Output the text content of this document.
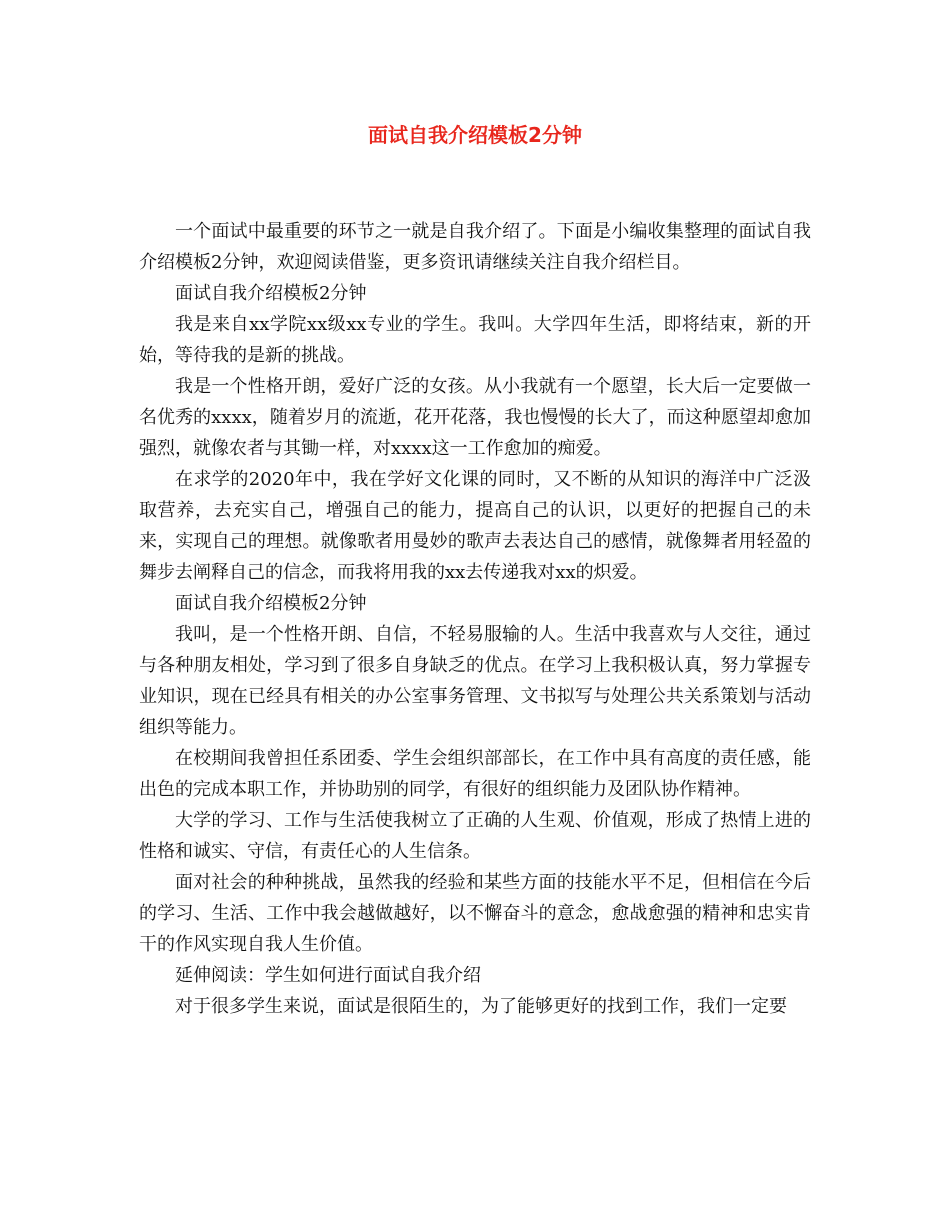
面试自我介绍模板2分钟

一个面试中最重要的环节之一就是自我介绍了。下面是小编收集整理的面试自我介绍模板2分钟，欢迎阅读借鉴，更多资讯请继续关注自我介绍栏目。

面试自我介绍模板2分钟

我是来自xx学院xx级xx专业的学生。我叫。大学四年生活，即将结束，新的开始，等待我的是新的挑战。

我是一个性格开朗，爱好广泛的女孩。从小我就有一个愿望，长大后一定要做一名优秀的xxxx，随着岁月的流逝，花开花落，我也慢慢的长大了，而这种愿望却愈加强烈，就像农者与其锄一样，对xxxx这一工作愈加的痴爱。

在求学的2020年中，我在学好文化课的同时，又不断的从知识的海洋中广泛汲取营养，去充实自己，增强自己的能力，提高自己的认识，以更好的把握自己的未来，实现自己的理想。就像歌者用曼妙的歌声去表达自己的感情，就像舞者用轻盈的舞步去阐释自己的信念，而我将用我的xx去传递我对xx的炽爱。

面试自我介绍模板2分钟

我叫，是一个性格开朗、自信，不轻易服输的人。生活中我喜欢与人交往，通过与各种朋友相处，学习到了很多自身缺乏的优点。在学习上我积极认真，努力掌握专业知识，现在已经具有相关的办公室事务管理、文书拟写与处理公共关系策划与活动组织等能力。

在校期间我曾担任系团委、学生会组织部部长，在工作中具有高度的责任感，能出色的完成本职工作，并协助别的同学，有很好的组织能力及团队协作精神。

大学的学习、工作与生活使我树立了正确的人生观、价值观，形成了热情上进的性格和诚实、守信，有责任心的人生信条。

面对社会的种种挑战，虽然我的经验和某些方面的技能水平不足，但相信在今后的学习、生活、工作中我会越做越好，以不懈奋斗的意念，愈战愈强的精神和忠实肯干的作风实现自我人生价值。

延伸阅读：学生如何进行面试自我介绍

对于很多学生来说，面试是很陌生的，为了能够更好的找到工作，我们一定要
